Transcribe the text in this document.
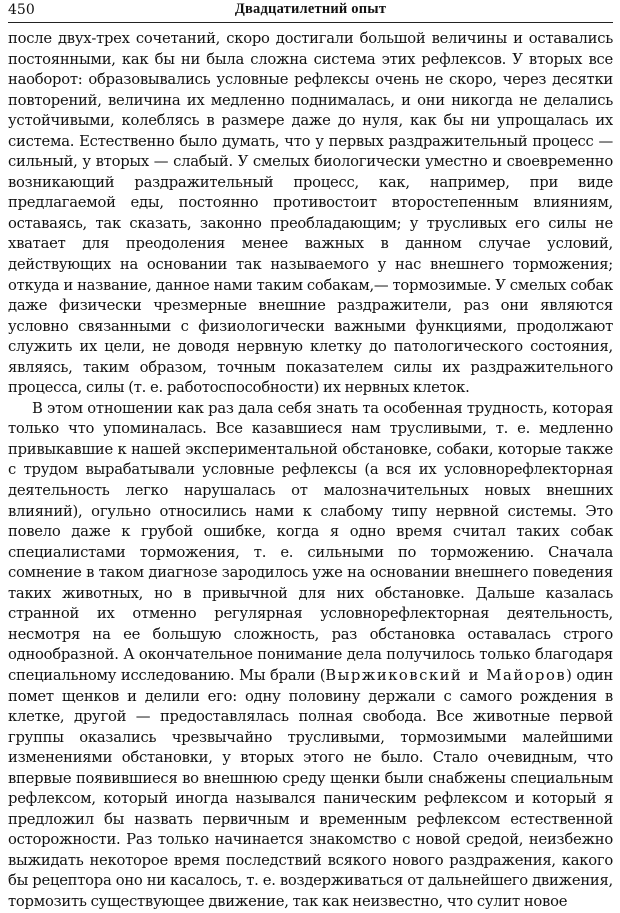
450	Двадцатилетний опыт

после двух-трех сочетаний, скоро достигали большой величины и оставались постоянными, как бы ни была сложна система этих рефлексов. У вторых все наоборот: образовывались условные рефлексы очень не скоро, через десятки повторений, величина их медленно поднималась, и они никогда не делались устойчивыми, колеблясь в размере даже до нуля, как бы ни упрощалась их система. Естественно было думать, что у первых раздражительный процесс — сильный, у вторых — слабый. У смелых биологически уместно и своевременно возникающий раздражительный процесс, как, например, при виде предлагаемой еды, постоянно противостоит второстепенным влияниям, оставаясь, так сказать, законно преобладающим; у трусливых его силы не хватает для преодоления менее важных в данном случае условий, действующих на основании так называемого у нас внешнего торможения; откуда и название, данное нами таким собакам,— тормозимые. У смелых собак даже физически чрезмерные внешние раздражители, раз они являются условно связанными с физиологически важными функциями, продолжают служить их цели, не доводя нервную клетку до патологического состояния, являясь, таким образом, точным показателем силы их раздражительного процесса, силы (т. е. работоспособности) их нервных клеток.

В этом отношении как раз дала себя знать та особенная трудность, которая только что упоминалась. Все казавшиеся нам трусливыми, т. е. медленно привыкавшие к нашей экспериментальной обстановке, собаки, которые также с трудом вырабатывали условные рефлексы (а вся их условнорефлекторная деятельность легко нарушалась от малозначительных новых внешних влияний), огульно относились нами к слабому типу нервной системы. Это повело даже к грубой ошибке, когда я одно время считал таких собак специалистами торможения, т. е. сильными по торможению. Сначала сомнение в таком диагнозе зародилось уже на основании внешнего поведения таких животных, но в привычной для них обстановке. Дальше казалась странной их отменно регулярная условнорефлекторная деятельность, несмотря на ее большую сложность, раз обстановка оставалась строго однообразной. А окончательное понимание дела получилось только благодаря специальному исследованию. Мы брали (Выржиковский и Майоров) один помет щенков и делили его: одну половину держали с самого рождения в клетке, другой — предоставлялась полная свобода. Все животные первой группы оказались чрезвычайно трусливыми, тормозимыми малейшими изменениями обстановки, у вторых этого не было. Стало очевидным, что впервые появившиеся во внешнюю среду щенки были снабжены специальным рефлексом, который иногда назывался паническим рефлексом и который я предложил бы назвать первичным и временным рефлексом естественной осторожности. Раз только начинается знакомство с новой средой, неизбежно выжидать некоторое время последствий всякого нового раздражения, какого бы рецептора оно ни касалось, т. е. воздерживаться от дальнейшего движения, тормозить существующее движение, так как неизвестно, что сулит новое
